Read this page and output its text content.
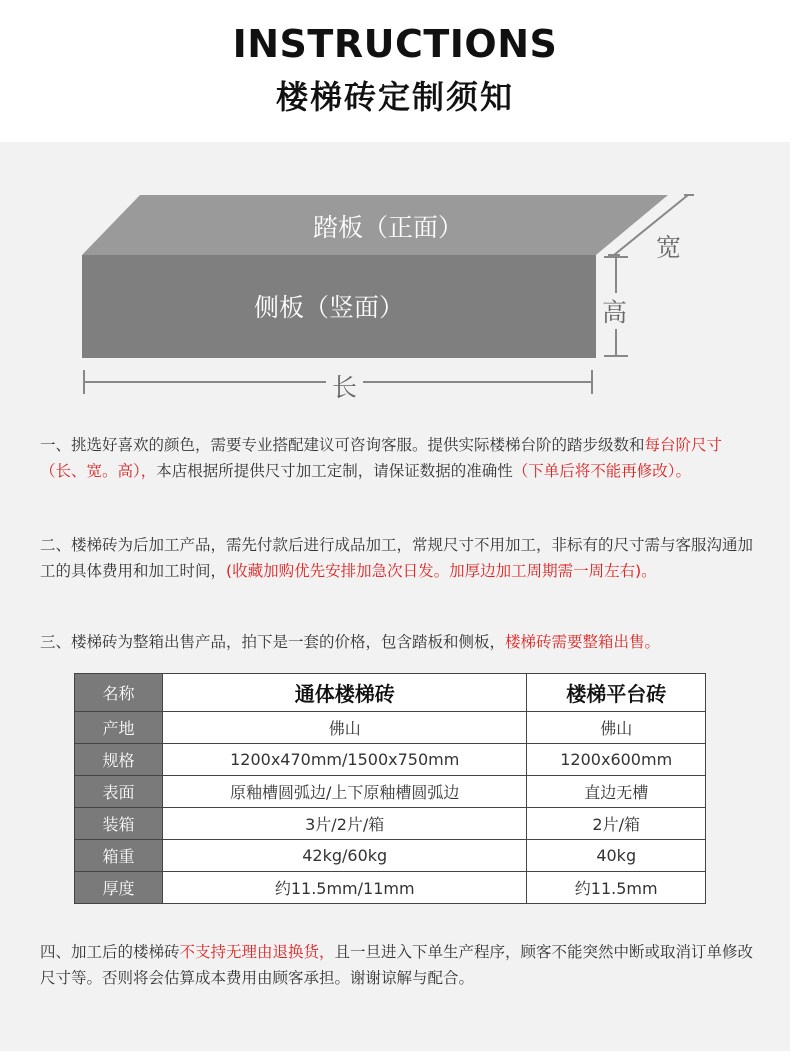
INSTRUCTIONS
楼梯砖定制须知
踏板（正面）
侧板（竖面）
宽
高
长

一、挑选好喜欢的颜色，需要专业搭配建议可咨询客服。提供实际楼梯台阶的踏步级数和每台阶尺寸（长、宽。高），本店根据所提供尺寸加工定制，请保证数据的准确性（下单后将不能再修改）。

二、楼梯砖为后加工产品，需先付款后进行成品加工，常规尺寸不用加工，非标有的尺寸需与客服沟通加工的具体费用和加工时间，(收藏加购优先安排加急次日发。加厚边加工周期需一周左右)。

三、楼梯砖为整箱出售产品，拍下是一套的价格，包含踏板和侧板，楼梯砖需要整箱出售。

名称	通体楼梯砖	楼梯平台砖
产地	佛山	佛山
规格	1200x470mm/1500x750mm	1200x600mm
表面	原釉槽圆弧边/上下原釉槽圆弧边	直边无槽
装箱	3片/2片/箱	2片/箱
箱重	42kg/60kg	40kg
厚度	约11.5mm/11mm	约11.5mm

四、加工后的楼梯砖不支持无理由退换货，且一旦进入下单生产程序，顾客不能突然中断或取消订单修改尺寸等。否则将会估算成本费用由顾客承担。谢谢谅解与配合。
